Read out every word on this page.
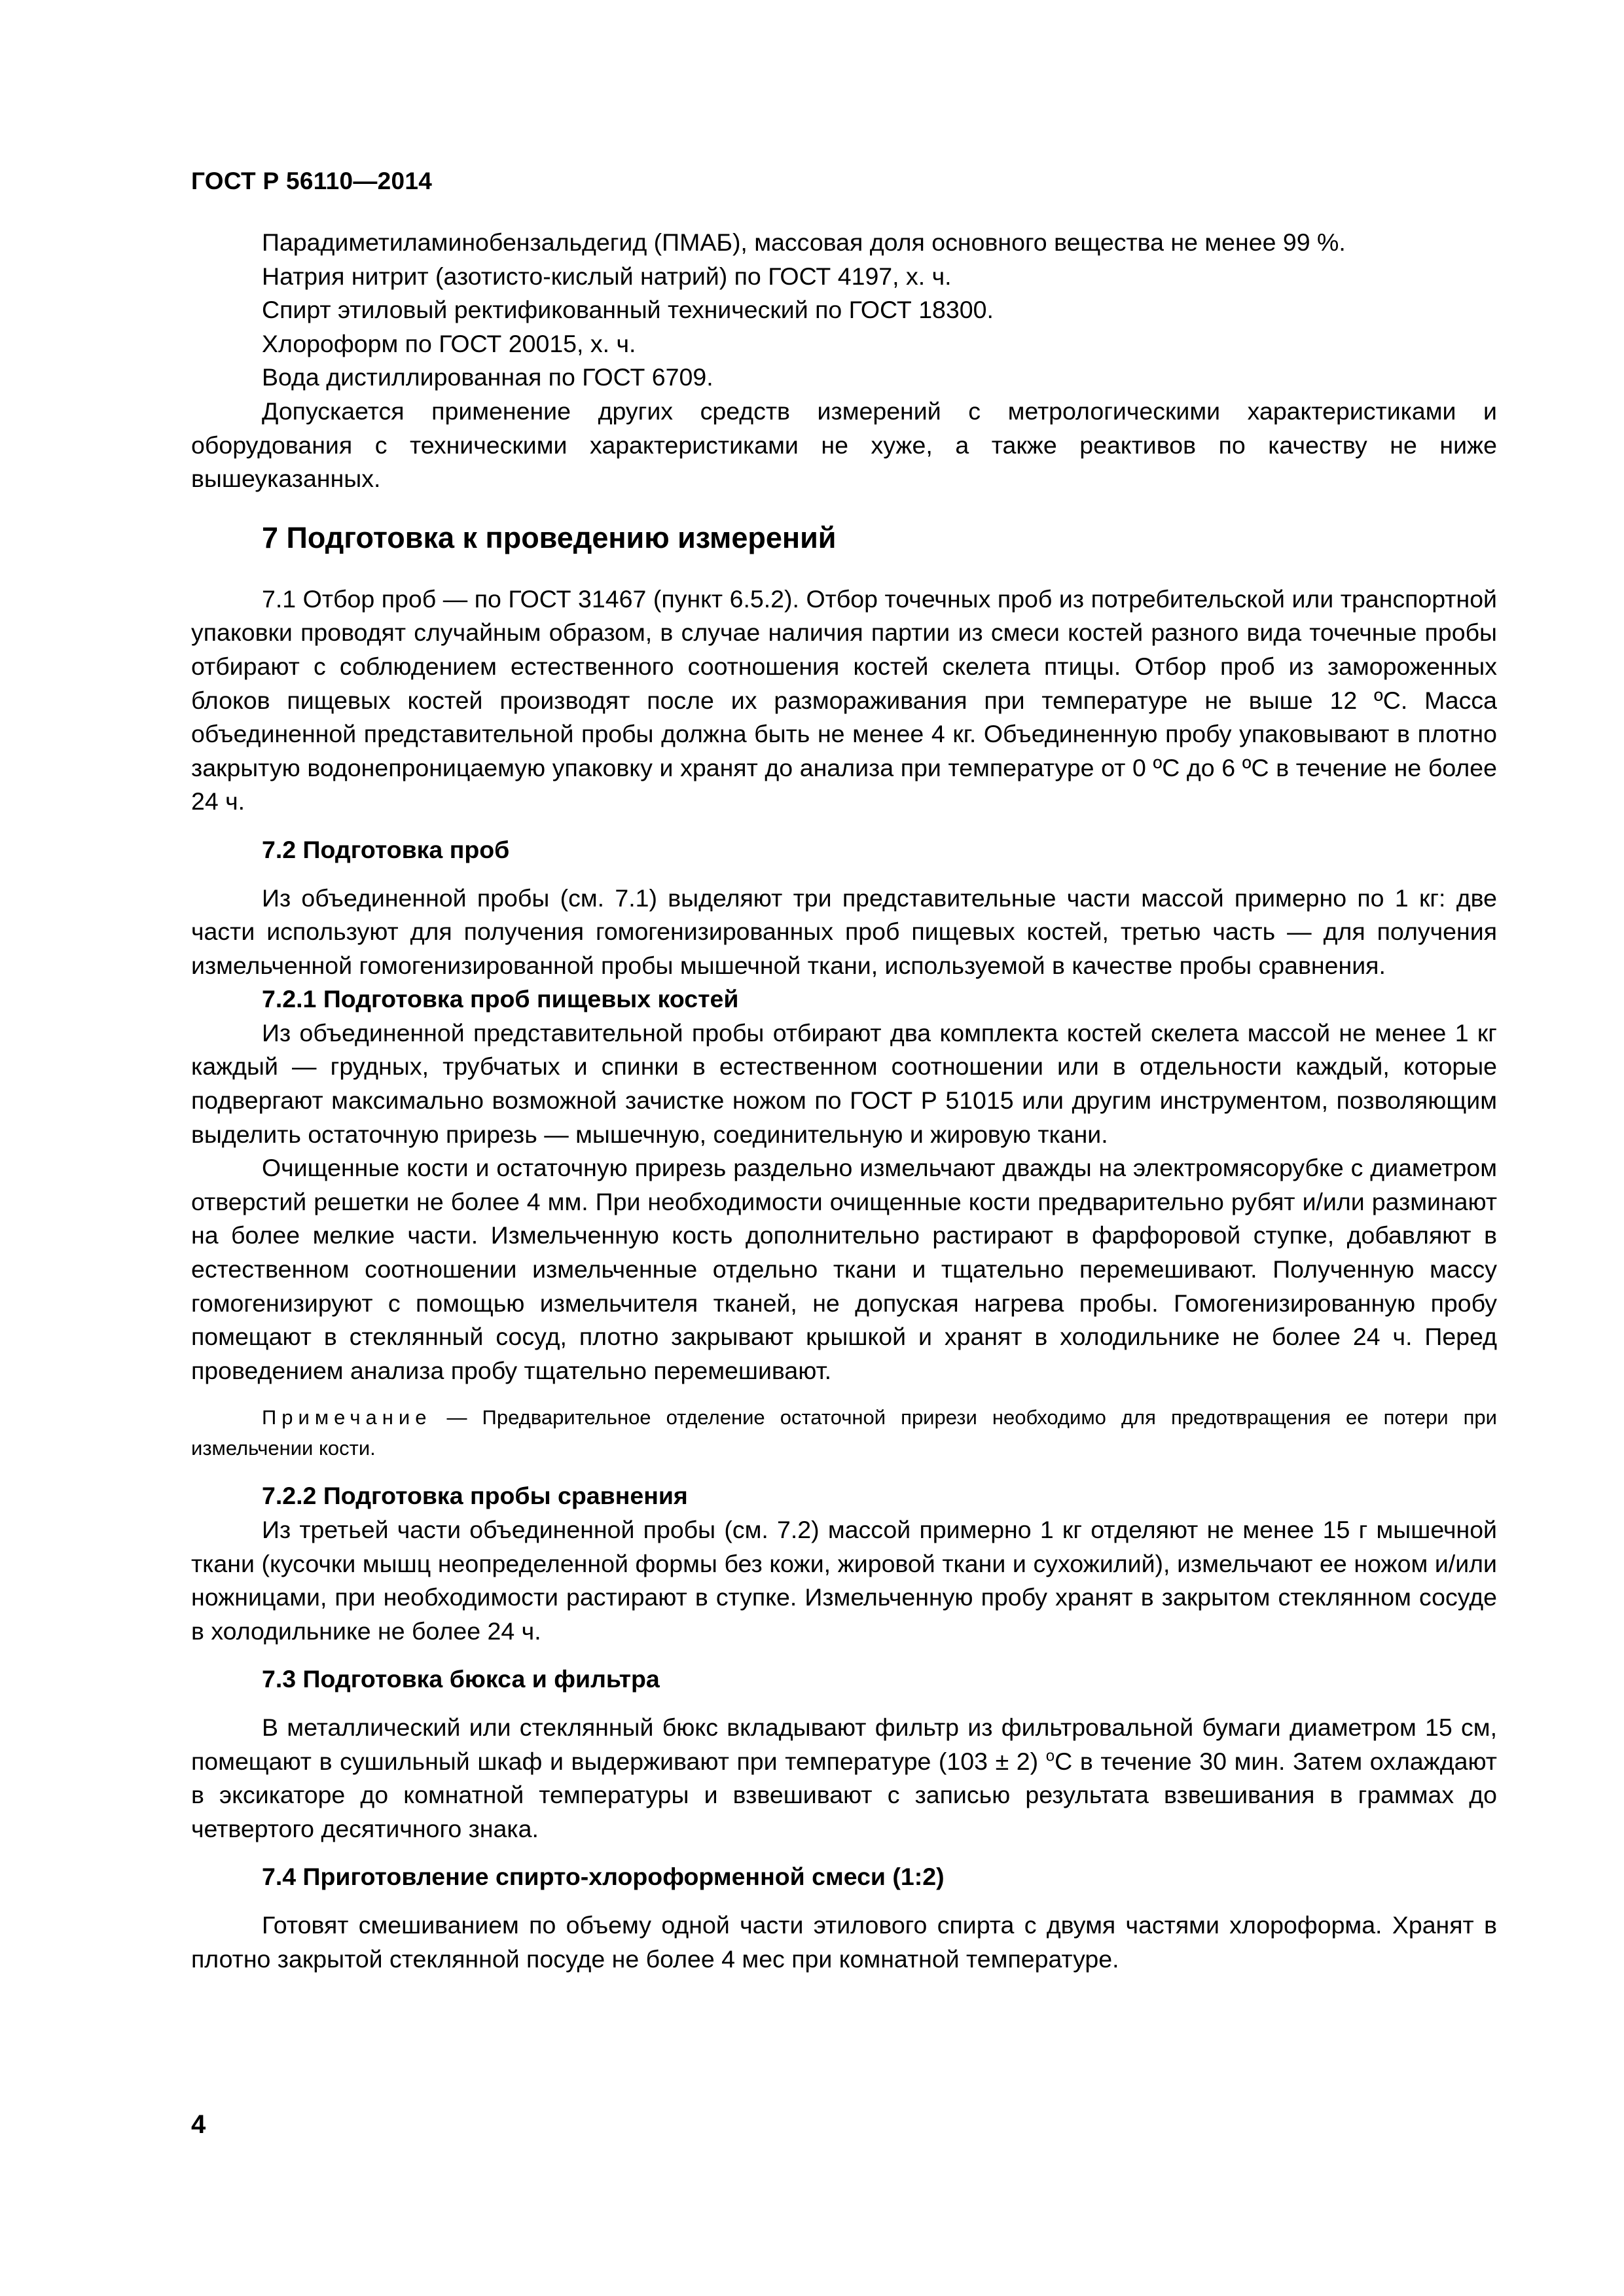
ГОСТ Р 56110—2014

Парадиметиламинобензальдегид (ПМАБ), массовая доля основного вещества не менее 99 %.

Натрия нитрит (азотисто-кислый натрий) по ГОСТ 4197, х. ч.

Спирт этиловый ректификованный технический по ГОСТ 18300.

Хлороформ по ГОСТ 20015, х. ч.

Вода дистиллированная по ГОСТ 6709.

Допускается применение других средств измерений с метрологическими характеристиками и оборудования с техническими характеристиками не хуже, а также реактивов по качеству не ниже вышеуказанных.

7 Подготовка к проведению измерений

7.1 Отбор проб — по ГОСТ 31467 (пункт 6.5.2). Отбор точечных проб из потребительской или транспортной упаковки проводят случайным образом, в случае наличия партии из смеси костей разного вида точечные пробы отбирают с соблюдением естественного соотношения костей скелета птицы. Отбор проб из замороженных блоков пищевых костей производят после их размораживания при температуре не выше 12 ºC. Масса объединенной представительной пробы должна быть не менее 4 кг. Объединенную пробу упаковывают в плотно закрытую водонепроницаемую упаковку и хранят до анализа при температуре от 0 ºC до 6 ºC в течение не более 24 ч.

7.2 Подготовка проб

Из объединенной пробы (см. 7.1) выделяют три представительные части массой примерно по 1 кг: две части используют для получения гомогенизированных проб пищевых костей, третью часть — для получения измельченной гомогенизированной пробы мышечной ткани, используемой в качестве пробы сравнения.

7.2.1 Подготовка проб пищевых костей

Из объединенной представительной пробы отбирают два комплекта костей скелета массой не менее 1 кг каждый — грудных, трубчатых и спинки в естественном соотношении или в отдельности каждый, которые подвергают максимально возможной зачистке ножом по ГОСТ Р 51015 или другим инструментом, позволяющим выделить остаточную прирезь — мышечную, соединительную и жировую ткани.

Очищенные кости и остаточную прирезь раздельно измельчают дважды на электромясорубке с диаметром отверстий решетки не более 4 мм. При необходимости очищенные кости предварительно рубят и/или разминают на более мелкие части. Измельченную кость дополнительно растирают в фарфоровой ступке, добавляют в естественном соотношении измельченные отдельно ткани и тщательно перемешивают. Полученную массу гомогенизируют с помощью измельчителя тканей, не допуская нагрева пробы. Гомогенизированную пробу помещают в стеклянный сосуд, плотно закрывают крышкой и хранят в холодильнике не более 24 ч. Перед проведением анализа пробу тщательно перемешивают.

Примечание — Предварительное отделение остаточной прирези необходимо для предотвращения ее потери при измельчении кости.

7.2.2 Подготовка пробы сравнения

Из третьей части объединенной пробы (см. 7.2) массой примерно 1 кг отделяют не менее 15 г мышечной ткани (кусочки мышц неопределенной формы без кожи, жировой ткани и сухожилий), измельчают ее ножом и/или ножницами, при необходимости растирают в ступке. Измельченную пробу хранят в закрытом стеклянном сосуде в холодильнике не более 24 ч.

7.3 Подготовка бюкса и фильтра

В металлический или стеклянный бюкс вкладывают фильтр из фильтровальной бумаги диаметром 15 см, помещают в сушильный шкаф и выдерживают при температуре (103 ± 2) $^o$C в течение 30 мин. Затем охлаждают в эксикаторе до комнатной температуры и взвешивают с записью результата взвешивания в граммах до четвертого десятичного знака.

7.4 Приготовление спирто-хлороформенной смеси (1:2)

Готовят смешиванием по объему одной части этилового спирта с двумя частями хлороформа. Хранят в плотно закрытой стеклянной посуде не более 4 мес при комнатной температуре.

4
